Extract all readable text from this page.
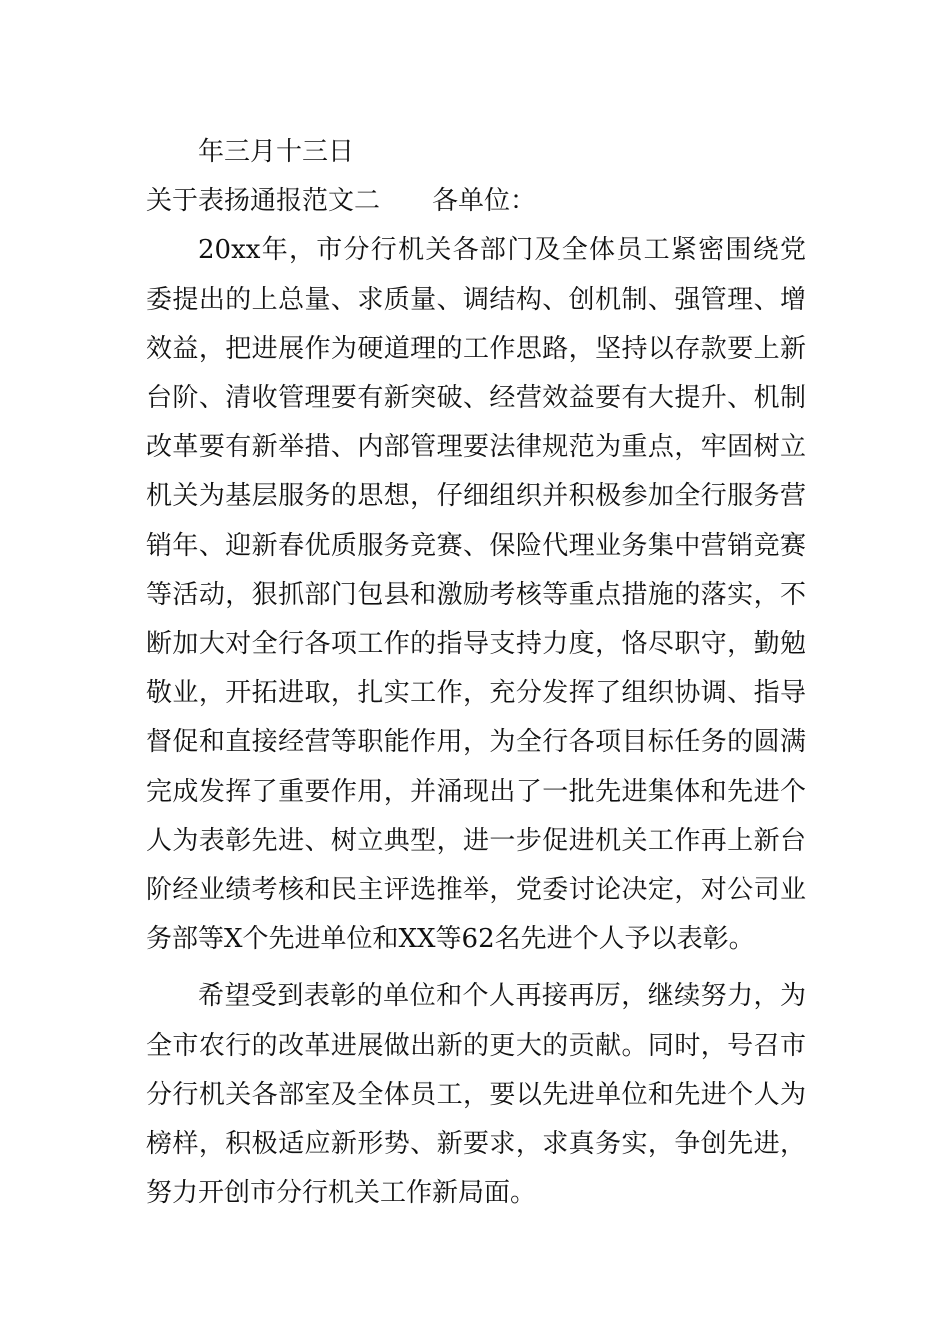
年三月十三日

关于表扬通报范文二 各单位：

20xx年，市分行机关各部门及全体员工紧密围绕党委提出的上总量、求质量、调结构、创机制、强管理、增效益，把进展作为硬道理的工作思路，坚持以存款要上新台阶、清收管理要有新突破、经营效益要有大提升、机制改革要有新举措、内部管理要法律规范为重点，牢固树立机关为基层服务的思想，仔细组织并积极参加全行服务营销年、迎新春优质服务竞赛、保险代理业务集中营销竞赛等活动，狠抓部门包县和激励考核等重点措施的落实，不断加大对全行各项工作的指导支持力度，恪尽职守，勤勉敬业，开拓进取，扎实工作，充分发挥了组织协调、指导督促和直接经营等职能作用，为全行各项目标任务的圆满完成发挥了重要作用，并涌现出了一批先进集体和先进个人为表彰先进、树立典型，进一步促进机关工作再上新台阶经业绩考核和民主评选推举，党委讨论决定，对公司业务部等X个先进单位和XX等62名先进个人予以表彰。

希望受到表彰的单位和个人再接再厉，继续努力，为全市农行的改革进展做出新的更大的贡献。同时，号召市分行机关各部室及全体员工，要以先进单位和先进个人为榜样，积极适应新形势、新要求，求真务实，争创先进，努力开创市分行机关工作新局面。
